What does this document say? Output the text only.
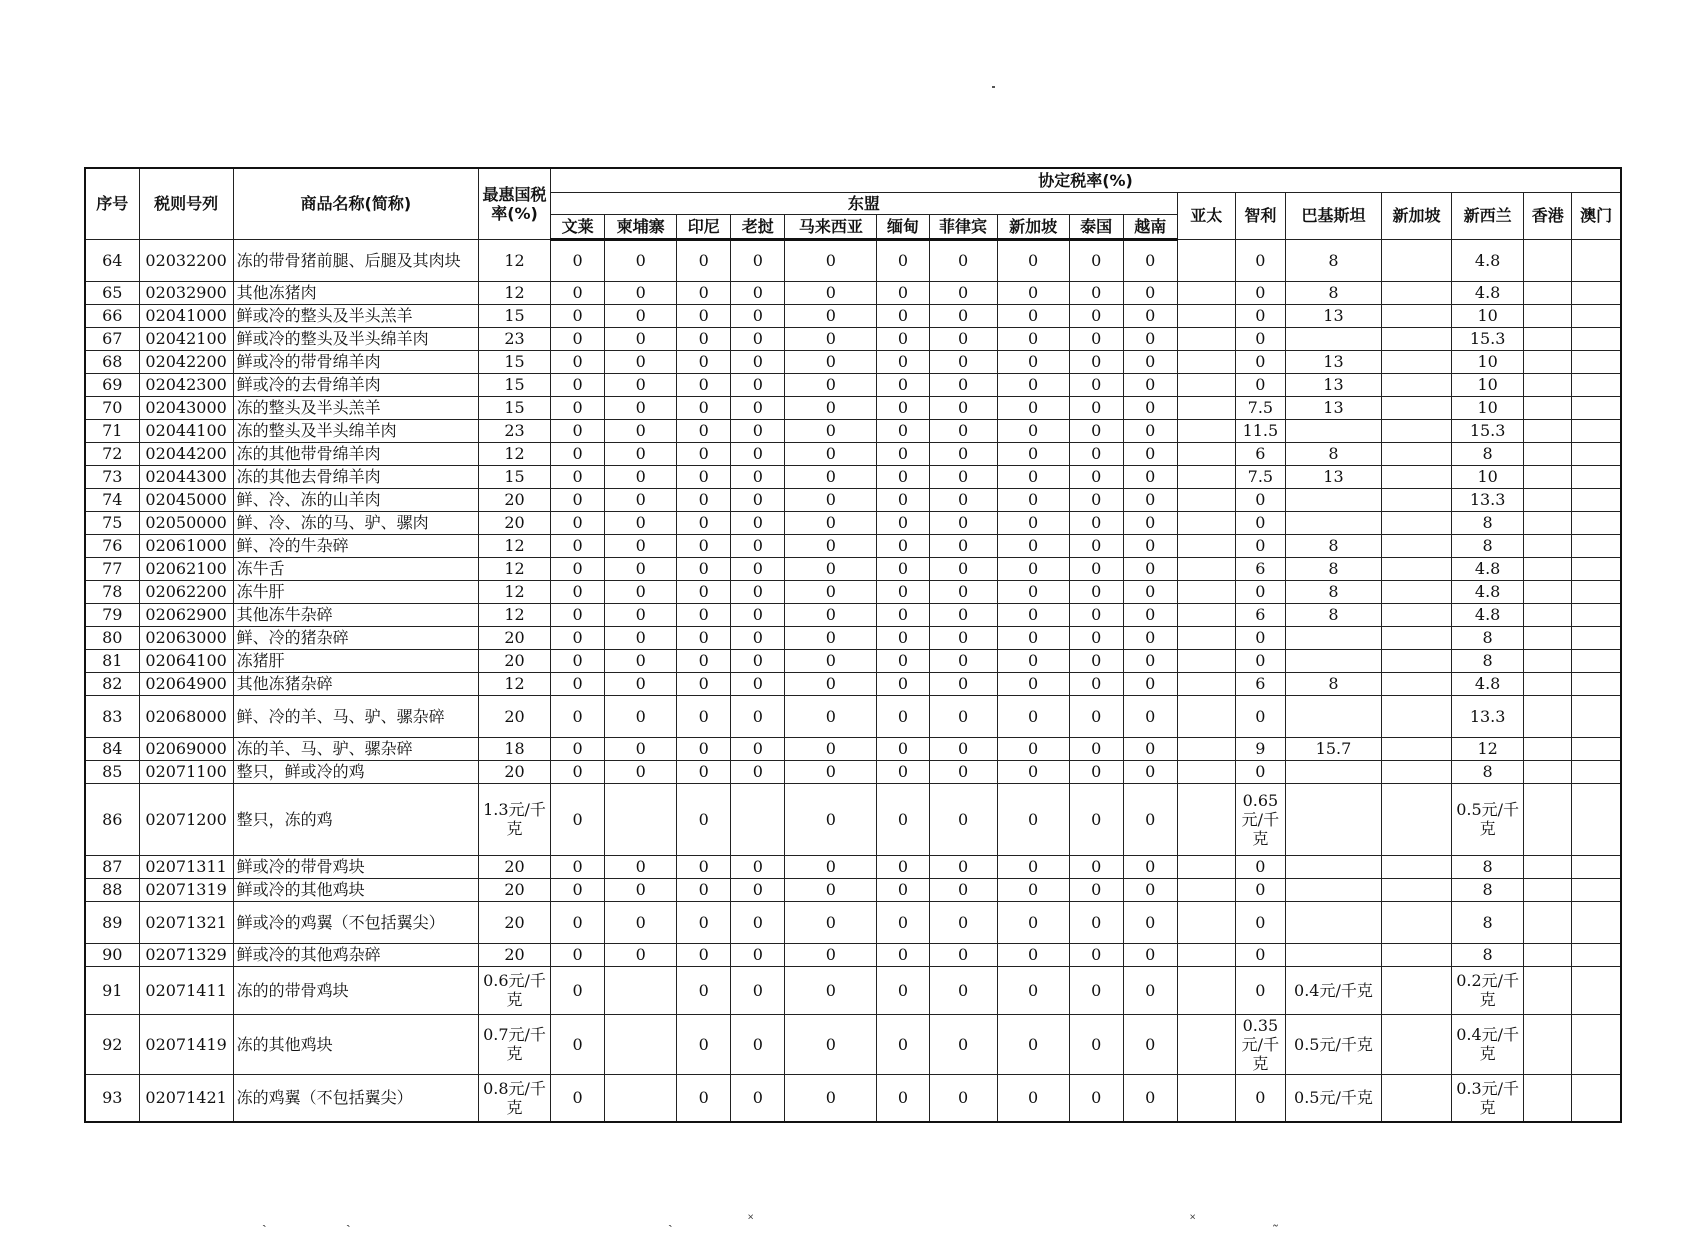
序号	税则号列	商品名称(简称)	最惠国税率(%)	协定税率(%)																
				东盟										亚太	智利	巴基斯坦	新加坡	新西兰	香港	澳门
				文莱	柬埔寨	印尼	老挝	马来西亚	缅甸	菲律宾	新加坡	泰国	越南							
64	02032200	冻的带骨猪前腿、后腿及其肉块	12	0	0	0	0	0	0	0	0	0	0		0	8		4.8		
65	02032900	其他冻猪肉	12	0	0	0	0	0	0	0	0	0	0		0	8		4.8		
66	02041000	鲜或冷的整头及半头羔羊	15	0	0	0	0	0	0	0	0	0	0		0	13		10		
67	02042100	鲜或冷的整头及半头绵羊肉	23	0	0	0	0	0	0	0	0	0	0		0			15.3		
68	02042200	鲜或冷的带骨绵羊肉	15	0	0	0	0	0	0	0	0	0	0		0	13		10		
69	02042300	鲜或冷的去骨绵羊肉	15	0	0	0	0	0	0	0	0	0	0		0	13		10		
70	02043000	冻的整头及半头羔羊	15	0	0	0	0	0	0	0	0	0	0		7.5	13		10		
71	02044100	冻的整头及半头绵羊肉	23	0	0	0	0	0	0	0	0	0	0		11.5			15.3		
72	02044200	冻的其他带骨绵羊肉	12	0	0	0	0	0	0	0	0	0	0		6	8		8		
73	02044300	冻的其他去骨绵羊肉	15	0	0	0	0	0	0	0	0	0	0		7.5	13		10		
74	02045000	鲜、冷、冻的山羊肉	20	0	0	0	0	0	0	0	0	0	0		0			13.3		
75	02050000	鲜、冷、冻的马、驴、骡肉	20	0	0	0	0	0	0	0	0	0	0		0			8		
76	02061000	鲜、冷的牛杂碎	12	0	0	0	0	0	0	0	0	0	0		0	8		8		
77	02062100	冻牛舌	12	0	0	0	0	0	0	0	0	0	0		6	8		4.8		
78	02062200	冻牛肝	12	0	0	0	0	0	0	0	0	0	0		0	8		4.8		
79	02062900	其他冻牛杂碎	12	0	0	0	0	0	0	0	0	0	0		6	8		4.8		
80	02063000	鲜、冷的猪杂碎	20	0	0	0	0	0	0	0	0	0	0		0			8		
81	02064100	冻猪肝	20	0	0	0	0	0	0	0	0	0	0		0			8		
82	02064900	其他冻猪杂碎	12	0	0	0	0	0	0	0	0	0	0		6	8		4.8		
83	02068000	鲜、冷的羊、马、驴、骡杂碎	20	0	0	0	0	0	0	0	0	0	0		0			13.3		
84	02069000	冻的羊、马、驴、骡杂碎	18	0	0	0	0	0	0	0	0	0	0		9	15.7		12		
85	02071100	整只，鲜或冷的鸡	20	0	0	0	0	0	0	0	0	0	0		0			8		
86	02071200	整只，冻的鸡	1.3元/千克	0		0		0	0	0	0	0	0		0.65元/千克			0.5元/千克		
87	02071311	鲜或冷的带骨鸡块	20	0	0	0	0	0	0	0	0	0	0		0			8		
88	02071319	鲜或冷的其他鸡块	20	0	0	0	0	0	0	0	0	0	0		0			8		
89	02071321	鲜或冷的鸡翼（不包括翼尖）	20	0	0	0	0	0	0	0	0	0	0		0			8		
90	02071329	鲜或冷的其他鸡杂碎	20	0	0	0	0	0	0	0	0	0	0		0			8		
91	02071411	冻的的带骨鸡块	0.6元/千克	0		0	0	0	0	0	0	0	0		0	0.4元/千克		0.2元/千克		
92	02071419	冻的其他鸡块	0.7元/千克	0		0	0	0	0	0	0	0	0		0.35元/千克	0.5元/千克		0.4元/千克		
93	02071421	冻的鸡翼（不包括翼尖）	0.8元/千克	0		0	0	0	0	0	0	0	0		0	0.5元/千克		0.3元/千克		
ˎ	ˏ	ˎ	˟	˟	˷
